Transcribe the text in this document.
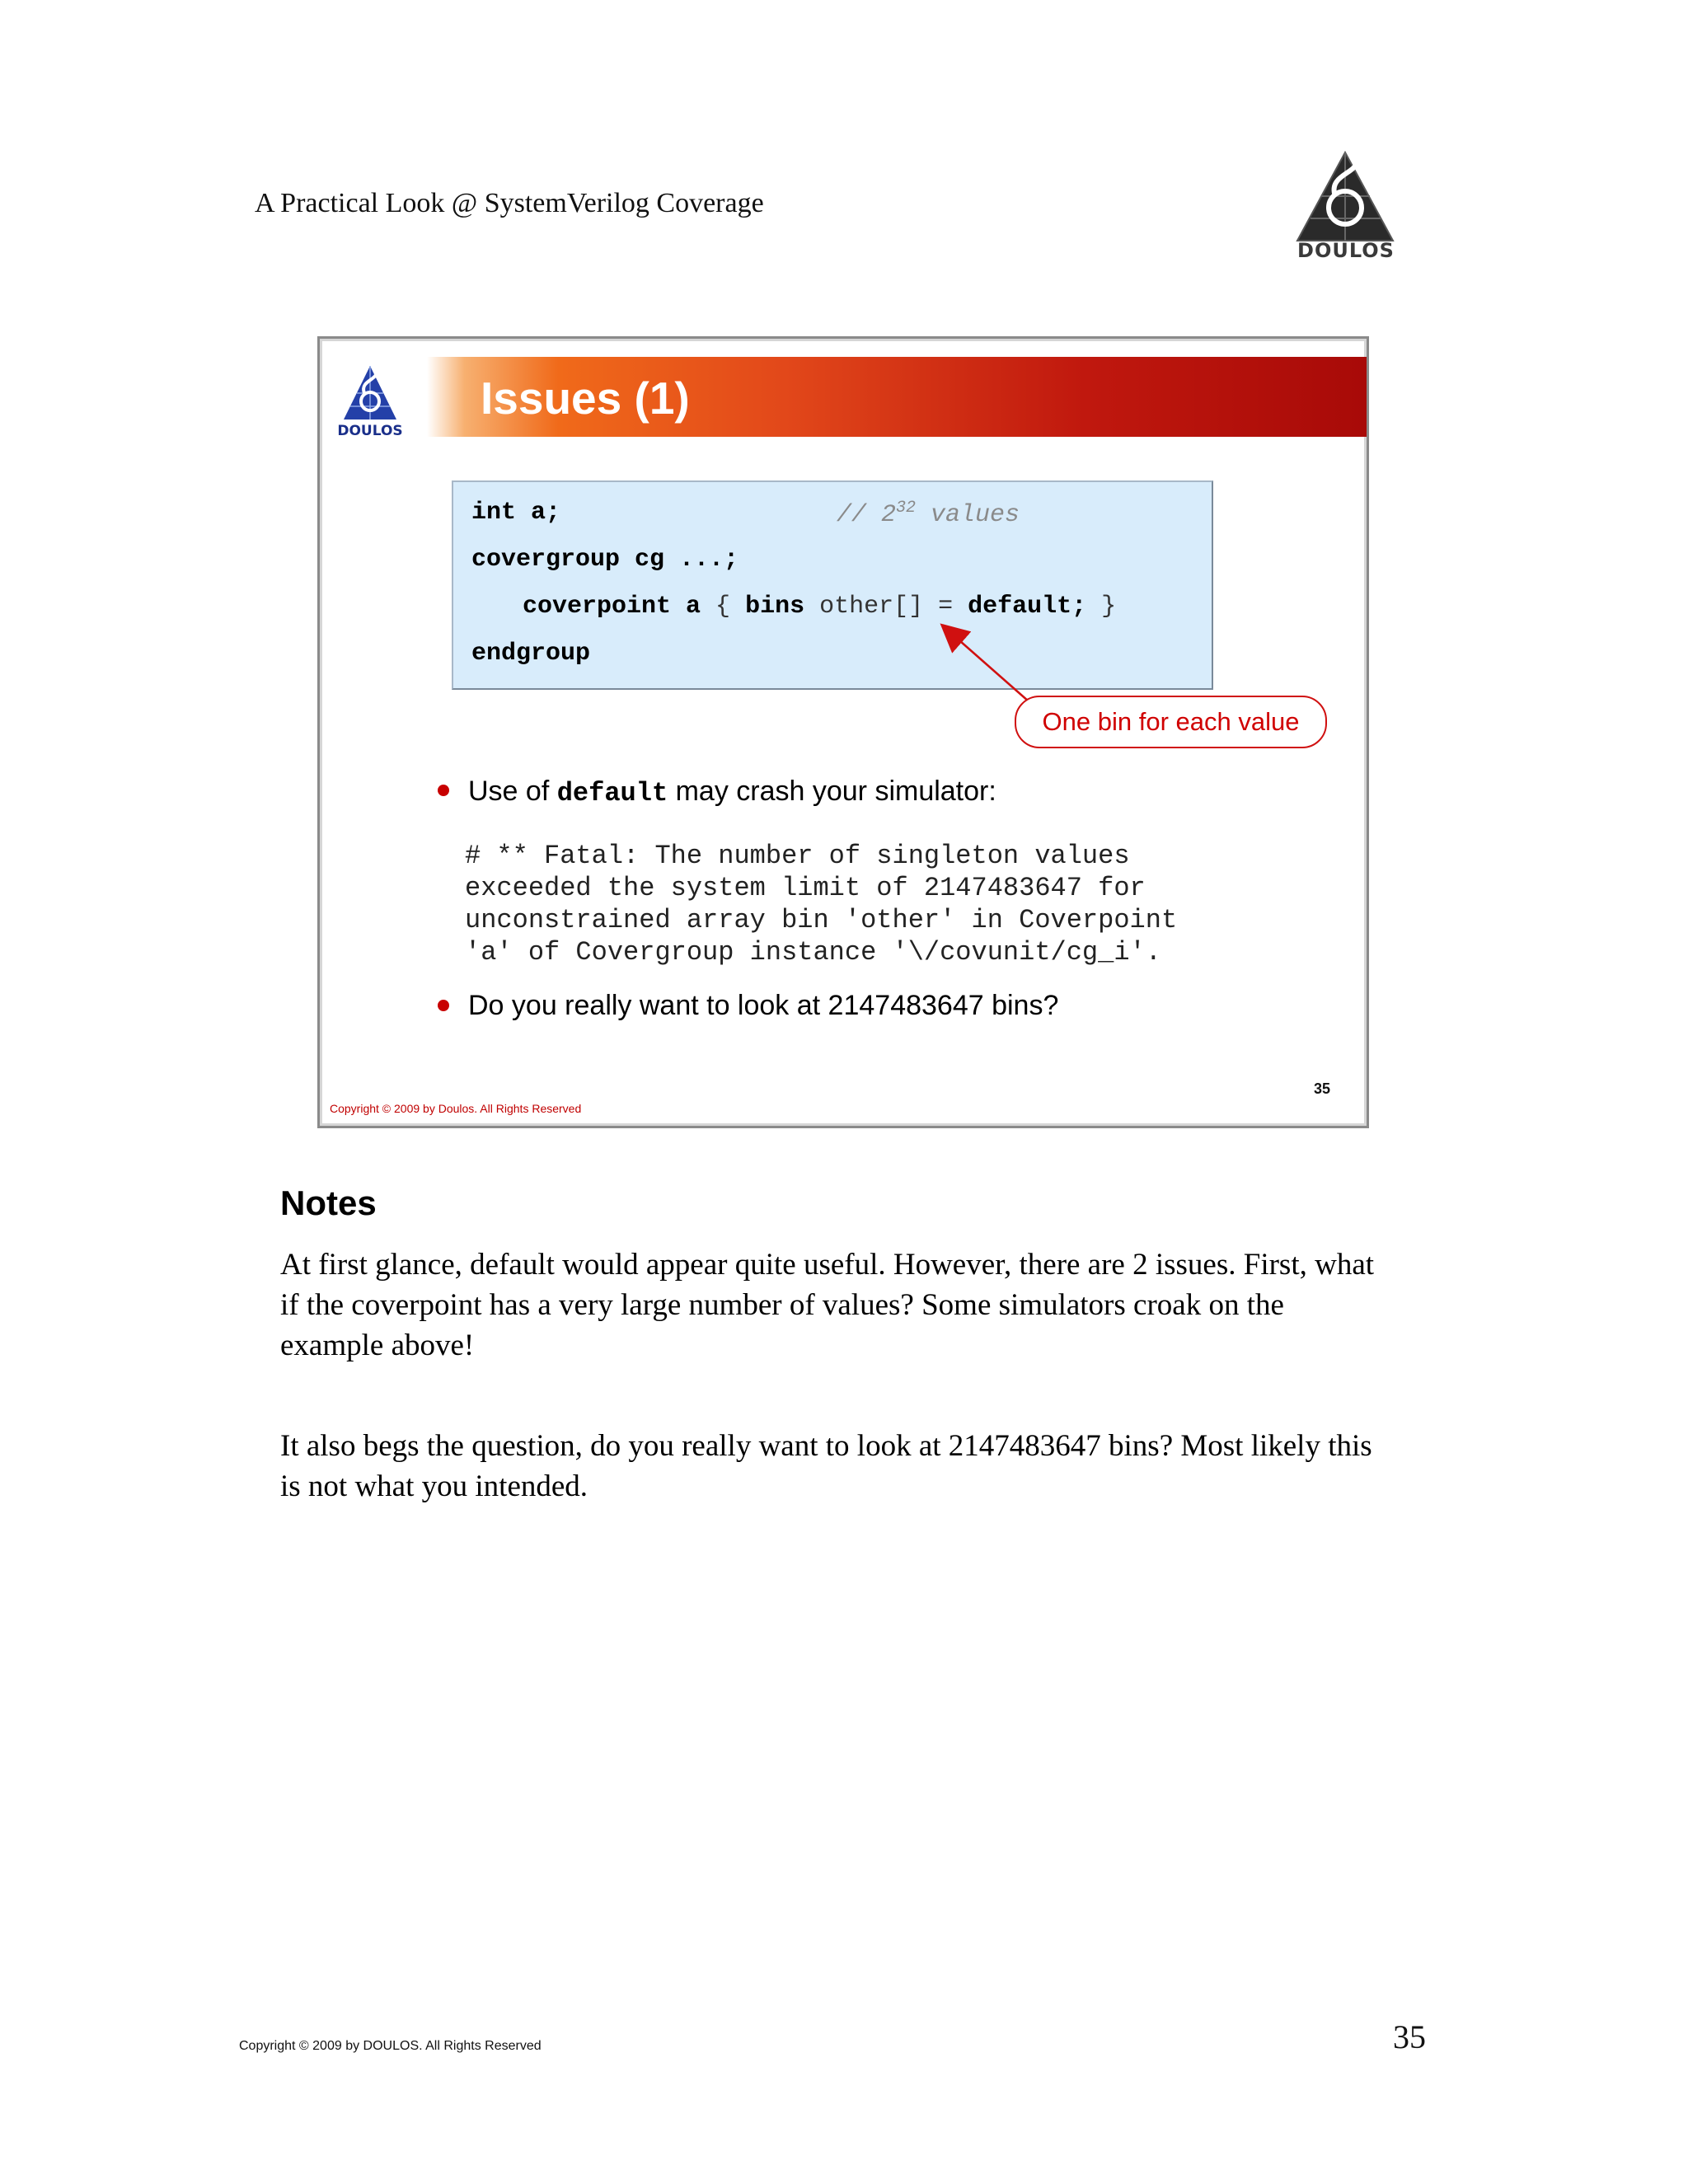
A Practical Look @ SystemVerilog Coverage
DOULOS
Issues (1)
DOULOS
int a;	// $2^{32}$ values
covergroup cg ...;
coverpoint a { bins other[] = default; }
endgroup
One bin for each value
Use of default may crash your simulator:
# ** Fatal: The number of singleton values
exceeded the system limit of 2147483647 for
unconstrained array bin 'other' in Coverpoint
'a' of Covergroup instance '\/covunit/cg_i'.
Do you really want to look at 2147483647 bins?
35
Copyright © 2009 by Doulos. All Rights Reserved
Notes
At first glance, default would appear quite useful. However, there are 2 issues. First, what if the coverpoint has a very large number of values? Some simulators croak on the example above!
It also begs the question, do you really want to look at 2147483647 bins? Most likely this is not what you intended.
Copyright © 2009 by DOULOS. All Rights Reserved	35
